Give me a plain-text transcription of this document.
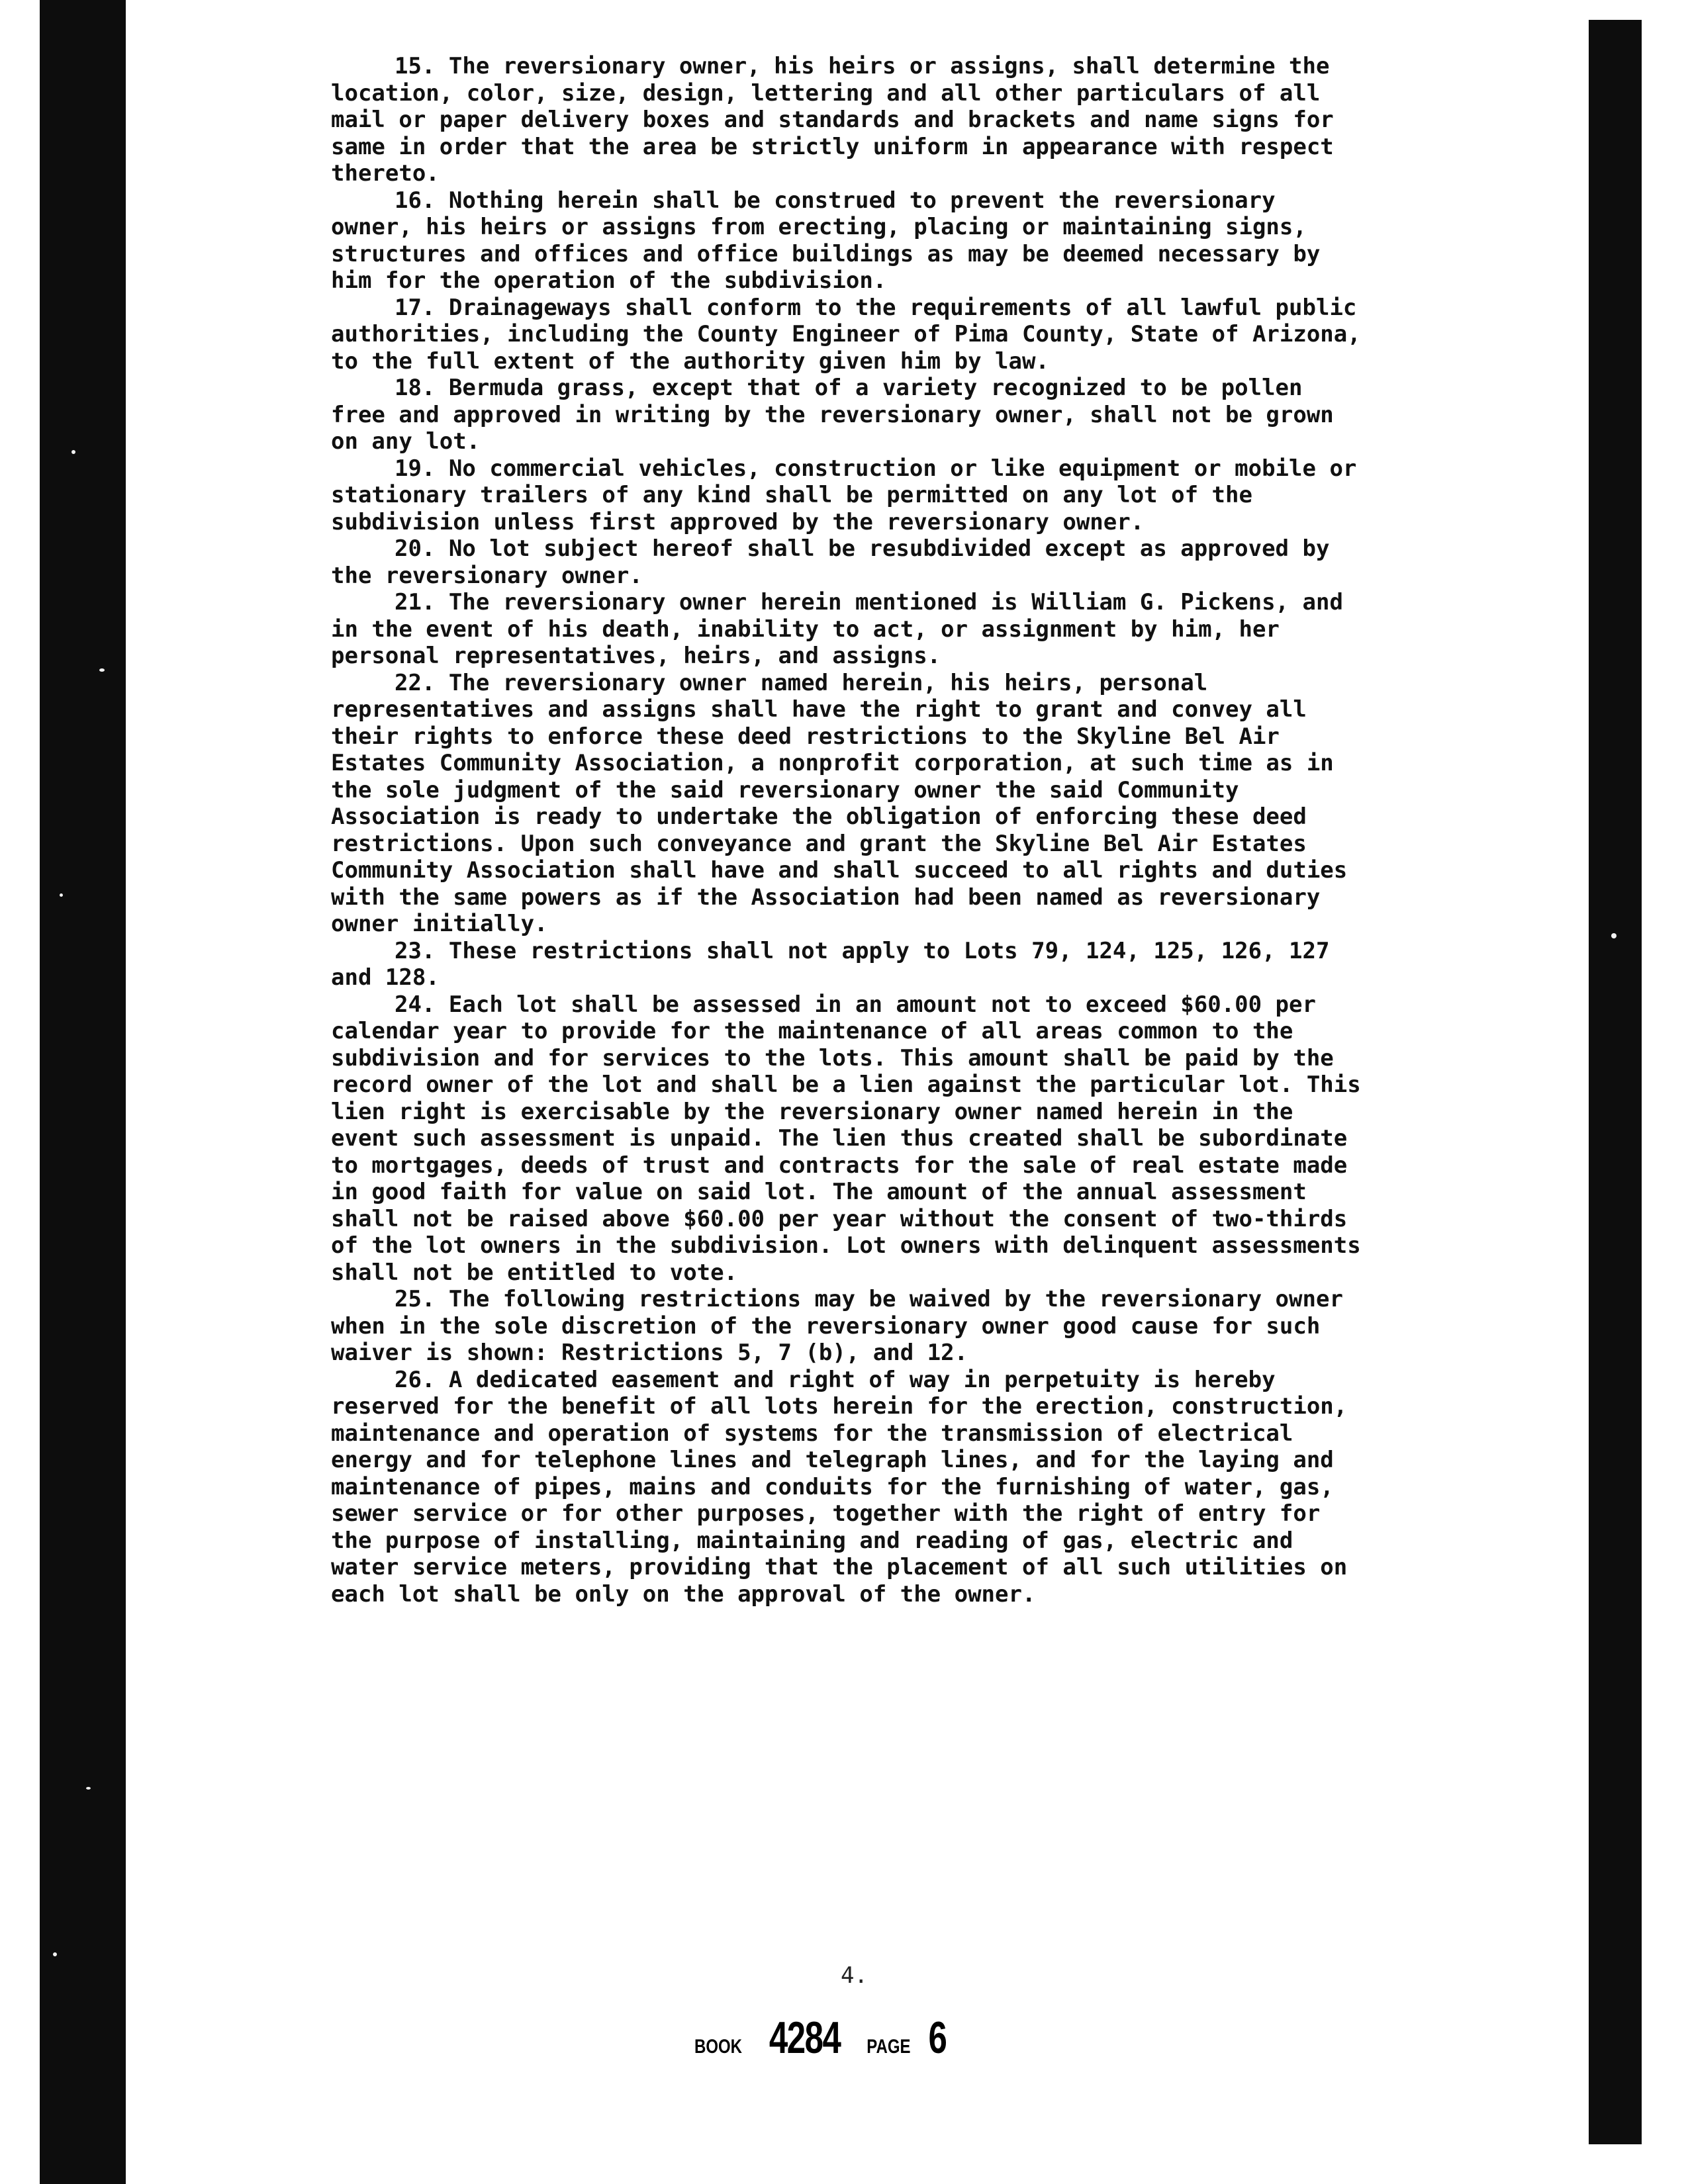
15. The reversionary owner, his heirs or assigns, shall determine the location, color, size, design, lettering and all other particulars of all mail or paper delivery boxes and standards and brackets and name signs for same in order that the area be strictly uniform in appearance with respect thereto.

16. Nothing herein shall be construed to prevent the reversionary owner, his heirs or assigns from erecting, placing or maintaining signs, structures and offices and office buildings as may be deemed necessary by him for the operation of the subdivision.

17. Drainageways shall conform to the requirements of all lawful public authorities, including the County Engineer of Pima County, State of Arizona, to the full extent of the authority given him by law.

18. Bermuda grass, except that of a variety recognized to be pollen free and approved in writing by the reversionary owner, shall not be grown on any lot.

19. No commercial vehicles, construction or like equipment or mobile or stationary trailers of any kind shall be permitted on any lot of the subdivision unless first approved by the reversionary owner.

20. No lot subject hereof shall be resubdivided except as approved by the reversionary owner.

21. The reversionary owner herein mentioned is William G. Pickens, and in the event of his death, inability to act, or assignment by him, her personal representatives, heirs, and assigns.

22. The reversionary owner named herein, his heirs, personal representatives and assigns shall have the right to grant and convey all their rights to enforce these deed restrictions to the Skyline Bel Air Estates Community Association, a nonprofit corporation, at such time as in the sole judgment of the said reversionary owner the said Community Association is ready to undertake the obligation of enforcing these deed restrictions. Upon such conveyance and grant the Skyline Bel Air Estates Community Association shall have and shall succeed to all rights and duties with the same powers as if the Association had been named as reversionary owner initially.

23. These restrictions shall not apply to Lots 79, 124, 125, 126, 127 and 128.

24. Each lot shall be assessed in an amount not to exceed $60.00 per calendar year to provide for the maintenance of all areas common to the subdivision and for services to the lots. This amount shall be paid by the record owner of the lot and shall be a lien against the particular lot. This lien right is exercisable by the reversionary owner named herein in the event such assessment is unpaid. The lien thus created shall be subordinate to mortgages, deeds of trust and contracts for the sale of real estate made in good faith for value on said lot. The amount of the annual assessment shall not be raised above $60.00 per year without the consent of two-thirds of the lot owners in the subdivision. Lot owners with delinquent assessments shall not be entitled to vote.

25. The following restrictions may be waived by the reversionary owner when in the sole discretion of the reversionary owner good cause for such waiver is shown: Restrictions 5, 7 (b), and 12.

26. A dedicated easement and right of way in perpetuity is hereby reserved for the benefit of all lots herein for the erection, construction, maintenance and operation of systems for the transmission of electrical energy and for telephone lines and telegraph lines, and for the laying and maintenance of pipes, mains and conduits for the furnishing of water, gas, sewer service or for other purposes, together with the right of entry for the purpose of installing, maintaining and reading of gas, electric and water service meters, providing that the placement of all such utilities on each lot shall be only on the approval of the owner.

4.
BOOK 4284 PAGE 6
